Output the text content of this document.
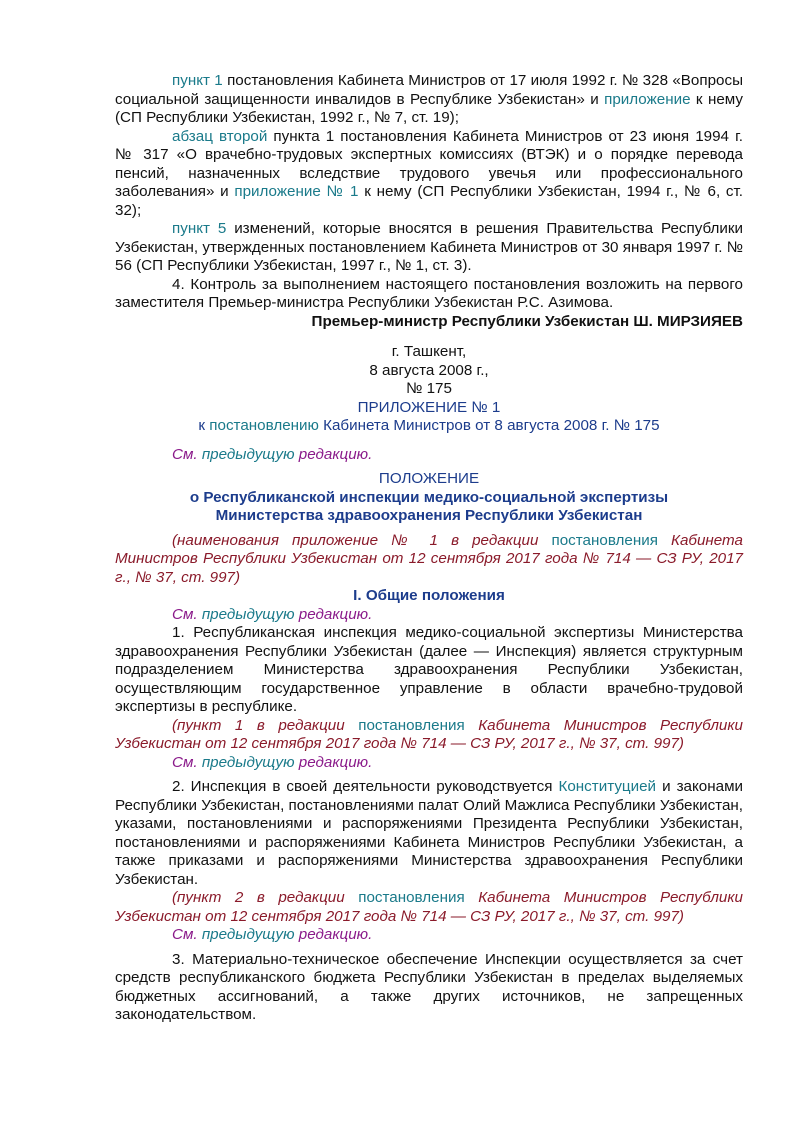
пункт 1 постановления Кабинета Министров от 17 июля 1992 г. № 328 «Вопросы социальной защищенности инвалидов в Республике Узбекистан» и приложение к нему (СП Республики Узбекистан, 1992 г., № 7, ст. 19);

абзац второй пункта 1 постановления Кабинета Министров от 23 июня 1994 г. № 317 «О врачебно-трудовых экспертных комиссиях (ВТЭК) и о порядке перевода пенсий, назначенных вследствие трудового увечья или профессионального заболевания» и приложение № 1 к нему (СП Республики Узбекистан, 1994 г., № 6, ст. 32);

пункт 5 изменений, которые вносятся в решения Правительства Республики Узбекистан, утвержденных постановлением Кабинета Министров от 30 января 1997 г. № 56 (СП Республики Узбекистан, 1997 г., № 1, ст. 3).

4. Контроль за выполнением настоящего постановления возложить на первого заместителя Премьер-министра Республики Узбекистан Р.С. Азимова.

Премьер-министр Республики Узбекистан Ш. МИРЗИЯЕВ

г. Ташкент,

8 августа 2008 г.,

№ 175

ПРИЛОЖЕНИЕ № 1

к постановлению Кабинета Министров от 8 августа 2008 г. № 175

См. предыдущую редакцию.

ПОЛОЖЕНИЕ

о Республиканской инспекции медико-социальной экспертизы

Министерства здравоохранения Республики Узбекистан

(наименования приложение № 1 в редакции постановления Кабинета Министров Республики Узбекистан от 12 сентября 2017 года № 714 — СЗ РУ, 2017 г., № 37, ст. 997)

I. Общие положения

См. предыдущую редакцию.

1. Республиканская инспекция медико-социальной экспертизы Министерства здравоохранения Республики Узбекистан (далее — Инспекция) является структурным подразделением Министерства здравоохранения Республики Узбекистан, осуществляющим государственное управление в области врачебно-трудовой экспертизы в республике.

(пункт 1 в редакции постановления Кабинета Министров Республики Узбекистан от 12 сентября 2017 года № 714 — СЗ РУ, 2017 г., № 37, ст. 997)

См. предыдущую редакцию.

2. Инспекция в своей деятельности руководствуется Конституцией и законами Республики Узбекистан, постановлениями палат Олий Мажлиса Республики Узбекистан, указами, постановлениями и распоряжениями Президента Республики Узбекистан, постановлениями и распоряжениями Кабинета Министров Республики Узбекистан, а также приказами и распоряжениями Министерства здравоохранения Республики Узбекистан.

(пункт 2 в редакции постановления Кабинета Министров Республики Узбекистан от 12 сентября 2017 года № 714 — СЗ РУ, 2017 г., № 37, ст. 997)

См. предыдущую редакцию.

3. Материально-техническое обеспечение Инспекции осуществляется за счет средств республиканского бюджета Республики Узбекистан в пределах выделяемых бюджетных ассигнований, а также других источников, не запрещенных законодательством.
